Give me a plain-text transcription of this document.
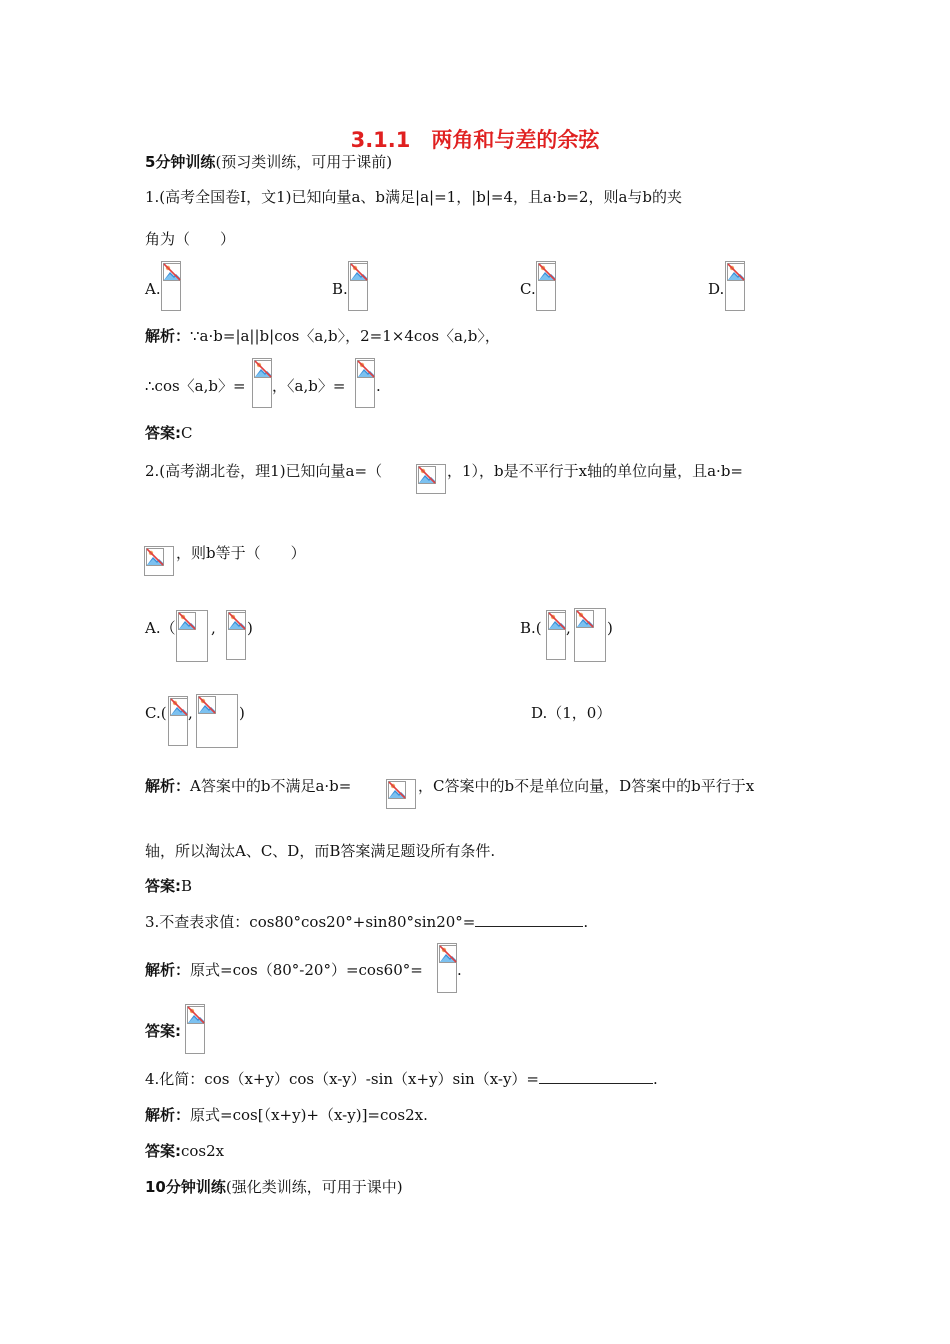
3.1.1　两角和与差的余弦
5分钟训练(预习类训练，可用于课前)
1.(高考全国卷Ⅰ，文1)已知向量a、b满足|a|=1，|b|=4，且a·b=2，则a与b的夹
角为（　　）
A.	B.	C.	D.
解析：∵a·b=|a||b|cos〈a,b〉，2=1×4cos〈a,b〉，
∴cos〈a,b〉= ，〈a,b〉= .
答案:C
2.(高考湖北卷，理1)已知向量a=（	，1），b是不平行于x轴的单位向量，且a·b=
，则b等于（　　）
A.（ , )	B.( , )
C.( ,	)	D.（1，0）
解析：A答案中的b不满足a·b=	，C答案中的b不是单位向量，D答案中的b平行于x
轴，所以淘汰A、C、D，而B答案满足题设所有条件.
答案:B
3.不查表求值：cos80°cos20°+sin80°sin20°=	.
解析：原式=cos（80°-20°）=cos60°= .
答案:
4.化简：cos（x+y）cos（x-y）-sin（x+y）sin（x-y）=	.
解析：原式=cos[（x+y)+（x-y)]=cos2x.
答案:cos2x
10分钟训练(强化类训练，可用于课中)
